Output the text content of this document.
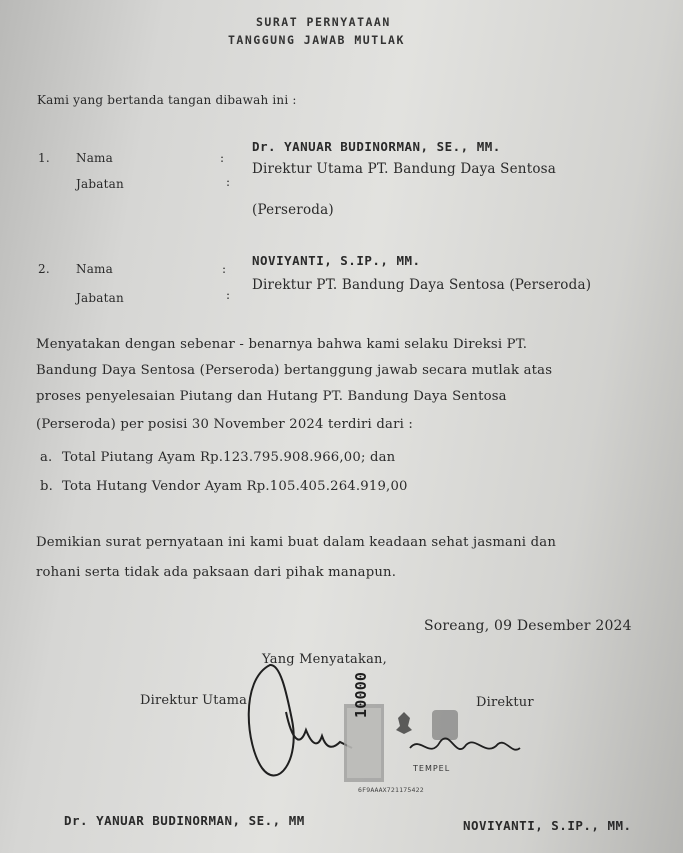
SURAT PERNYATAAN
TANGGUNG JAWAB MUTLAK
Kami yang bertanda tangan dibawah ini :
1. Nama	:
Dr. YANUAR BUDINORMAN, SE., MM.
Jabatan	:
Direktur Utama PT. Bandung Daya Sentosa
(Perseroda)
2. Nama	:
NOVIYANTI, S.IP., MM.
Jabatan	:
Direktur PT. Bandung Daya Sentosa (Perseroda)
Menyatakan dengan sebenar - benarnya bahwa kami selaku Direksi PT.
Bandung Daya Sentosa (Perseroda) bertanggung jawab secara mutlak atas
proses penyelesaian Piutang dan Hutang PT. Bandung Daya Sentosa
(Perseroda) per posisi 30 November 2024 terdiri dari :
a. Total Piutang Ayam Rp.123.795.908.966,00; dan
b. Tota Hutang Vendor Ayam Rp.105.405.264.919,00
Demikian surat pernyataan ini kami buat dalam keadaan sehat jasmani dan
rohani serta tidak ada paksaan dari pihak manapun.
Soreang, 09 Desember 2024
Yang Menyatakan,
Direktur Utama	Direktur
10000
TEMPEL
6F9AAAX721175422
Dr. YANUAR BUDINORMAN, SE., MM	NOVIYANTI, S.IP., MM.
